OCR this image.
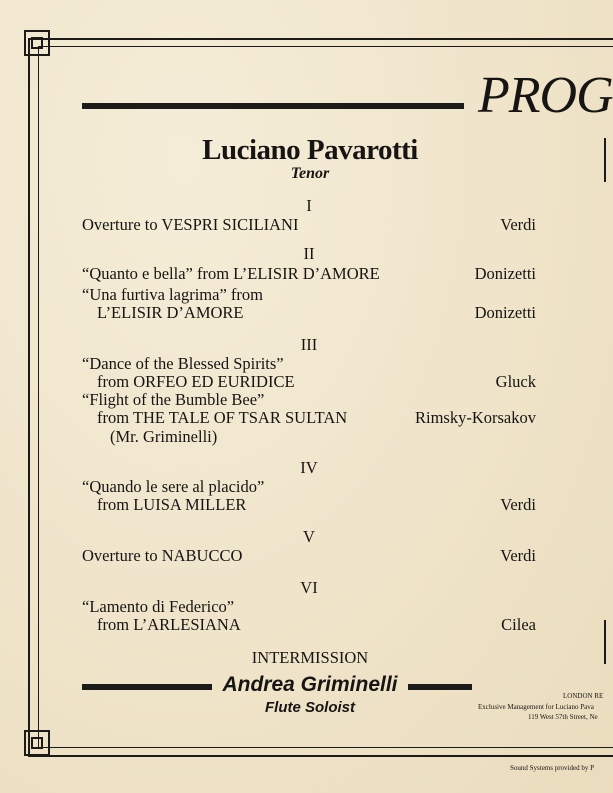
PROG
Luciano Pavarotti
Tenor
I
Overture to VESPRI SICILIANI	Verdi
II
“Quanto e bella” from L’ELISIR D’AMORE	Donizetti
“Una furtiva lagrima” from
L’ELISIR D’AMORE	Donizetti
III
“Dance of the Blessed Spirits”
from ORFEO ED EURIDICE	Gluck
“Flight of the Bumble Bee”
from THE TALE OF TSAR SULTAN	Rimsky-Korsakov
(Mr. Griminelli)
IV
“Quando le sere al placido”
from LUISA MILLER	Verdi
V
Overture to NABUCCO	Verdi
VI
“Lamento di Federico”
from L’ARLESIANA	Cilea
INTERMISSION
Andrea Griminelli
Flute Soloist
LONDON RE
Exclusive Management for Luciano Pava
119 West 57th Street, Ne
Sound Systems provided by P
